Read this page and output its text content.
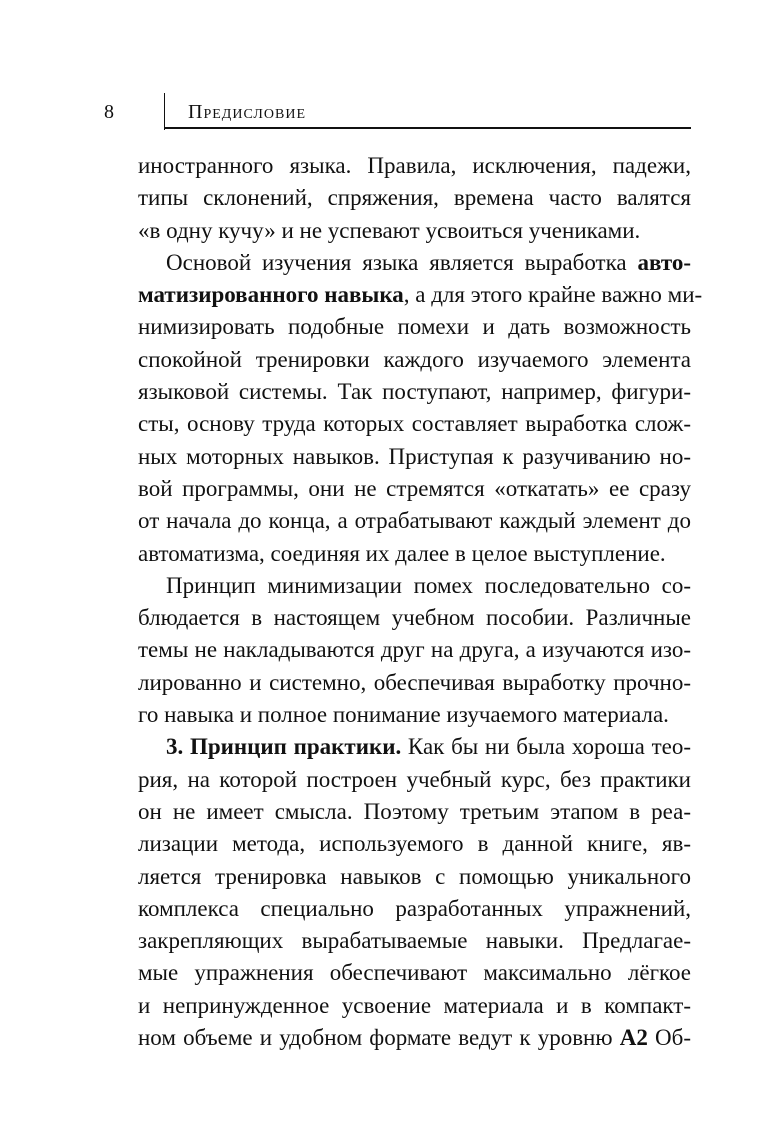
8	Предисловие
иностранного языка. Правила, исключения, падежи,
типы склонений, спряжения, времена часто валятся
«в одну кучу» и не успевают усвоиться учениками.
Основой изучения языка является выработка авто-
матизированного навыка, а для этого крайне важно ми-
нимизировать подобные помехи и дать возможность
спокойной тренировки каждого изучаемого элемента
языковой системы. Так поступают, например, фигури-
сты, основу труда которых составляет выработка слож-
ных моторных навыков. Приступая к разучиванию но-
вой программы, они не стремятся «откатать» ее сразу
от начала до конца, а отрабатывают каждый элемент до
автоматизма, соединяя их далее в целое выступление.
Принцип минимизации помех последовательно со-
блюдается в настоящем учебном пособии. Различные
темы не накладываются друг на друга, а изучаются изо-
лированно и системно, обеспечивая выработку прочно-
го навыка и полное понимание изучаемого материала.
3. Принцип практики. Как бы ни была хороша тео-
рия, на которой построен учебный курс, без практики
он не имеет смысла. Поэтому третьим этапом в реа-
лизации метода, используемого в данной книге, яв-
ляется тренировка навыков с помощью уникального
комплекса специально разработанных упражнений,
закрепляющих вырабатываемые навыки. Предлагае-
мые упражнения обеспечивают максимально лёгкое
и непринужденное усвоение материала и в компакт-
ном объеме и удобном формате ведут к уровню A2 Об-
